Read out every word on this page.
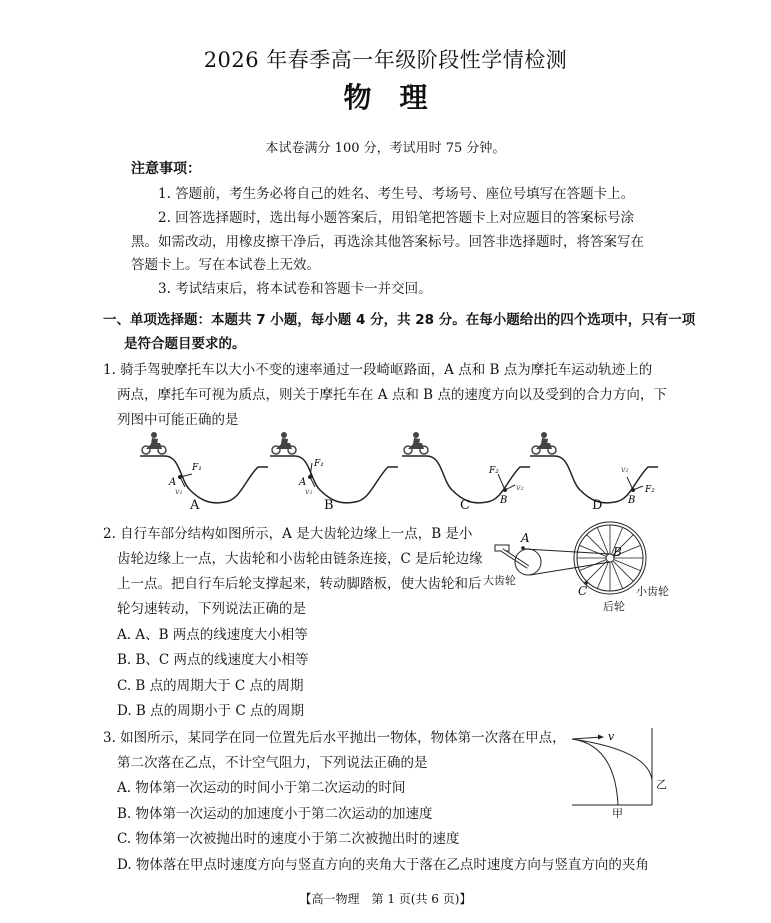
2026 年春季高一年级阶段性学情检测
物　理
本试卷满分 100 分，考试用时 75 分钟。
注意事项：
1. 答题前，考生务必将自己的姓名、考生号、考场号、座位号填写在答题卡上。
2. 回答选择题时，选出每小题答案后，用铅笔把答题卡上对应题目的答案标号涂
黑。如需改动，用橡皮擦干净后，再选涂其他答案标号。回答非选择题时，将答案写在
答题卡上。写在本试卷上无效。
3. 考试结束后，将本试卷和答题卡一并交回。
一、单项选择题：本题共 7 小题，每小题 4 分，共 28 分。在每小题给出的四个选项中，只有一项
是符合题目要求的。
1. 骑手驾驶摩托车以大小不变的速率通过一段崎岖路面，A 点和 B 点为摩托车运动轨迹上的
两点，摩托车可视为质点，则关于摩托车在 A 点和 B 点的速度方向以及受到的合力方向，下
列图中可能正确的是
A
F₁
v₁
A
F₁
v₁
B
F₂
v₂
B
v₂
F₂
A	B	C	D
2. 自行车部分结构如图所示，A 是大齿轮边缘上一点，B 是小
齿轮边缘上一点，大齿轮和小齿轮由链条连接，C 是后轮边缘
上一点。把自行车后轮支撑起来，转动脚踏板，使大齿轮和后
轮匀速转动，下列说法正确的是
A. A、B 两点的线速度大小相等
B. B、C 两点的线速度大小相等
C. B 点的周期大于 C 点的周期
D. B 点的周期小于 C 点的周期
A
B
C
大齿轮
小齿轮
后轮
3. 如图所示，某同学在同一位置先后水平抛出一物体，物体第一次落在甲点，
第二次落在乙点，不计空气阻力，下列说法正确的是
A. 物体第一次运动的时间小于第二次运动的时间
B. 物体第一次运动的加速度小于第二次运动的加速度
C. 物体第一次被抛出时的速度小于第二次被抛出时的速度
D. 物体落在甲点时速度方向与竖直方向的夹角大于落在乙点时速度方向与竖直方向的夹角
v
甲
乙
【高一物理　第 1 页(共 6 页)】
